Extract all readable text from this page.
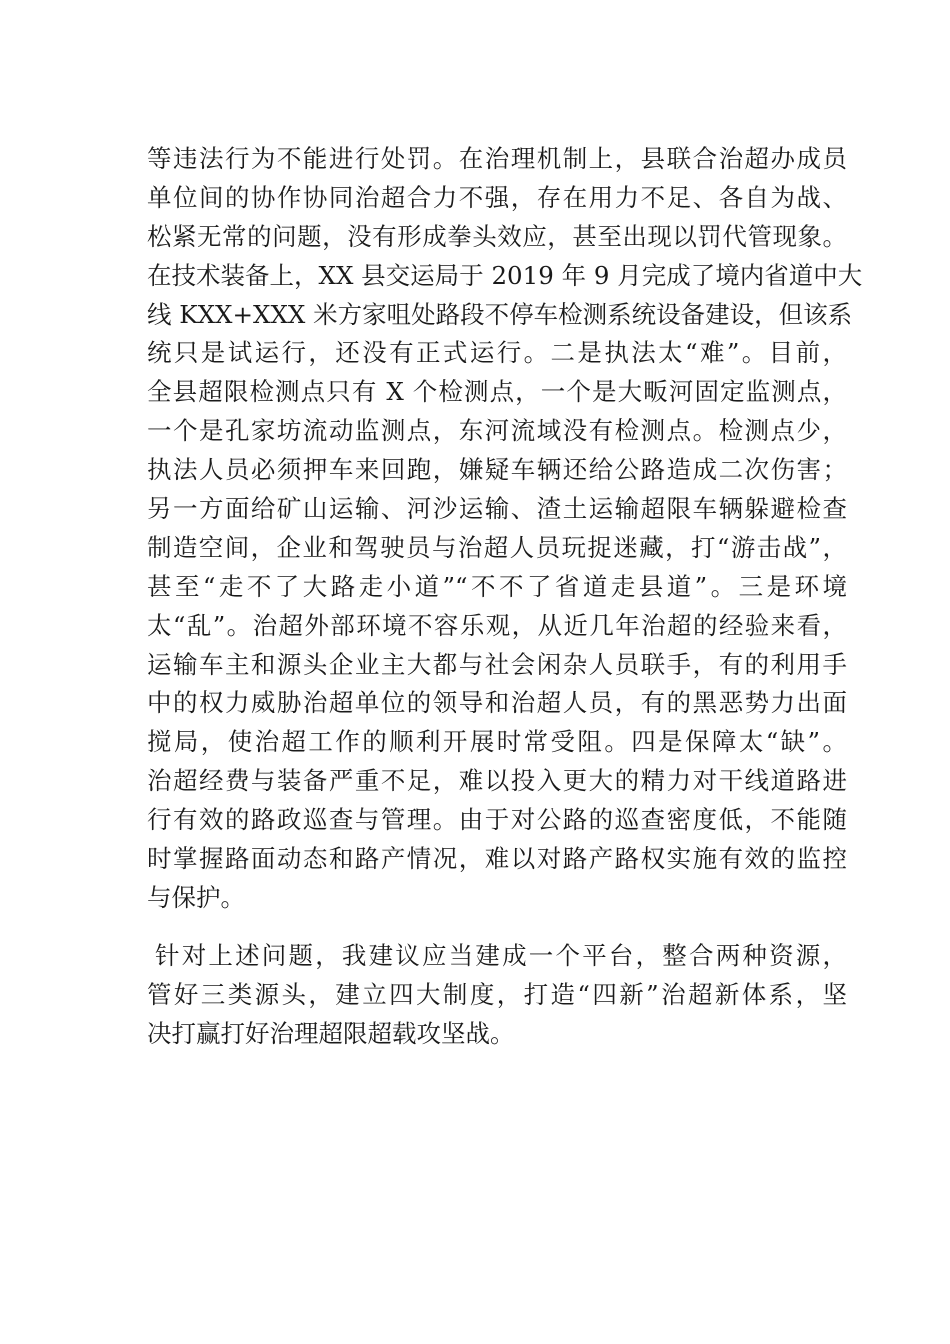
等违法行为不能进行处罚。在治理机制上，县联合治超办成员
单位间的协作协同治超合力不强，存在用力不足、各自为战、
松紧无常的问题，没有形成拳头效应，甚至出现以罚代管现象。
在技术装备上，XX 县交运局于 2019 年 9 月完成了境内省道中大
线 KXX+XXX 米方家咀处路段不停车检测系统设备建设，但该系
统只是试运行，还没有正式运行。二是执法太“难”。目前，
全县超限检测点只有 X 个检测点，一个是大畈河固定监测点，
一个是孔家坊流动监测点，东河流域没有检测点。检测点少，
执法人员必须押车来回跑，嫌疑车辆还给公路造成二次伤害；
另一方面给矿山运输、河沙运输、渣土运输超限车辆躲避检查
制造空间，企业和驾驶员与治超人员玩捉迷藏，打“游击战”，
甚至“走不了大路走小道”“不不了省道走县道”。三是环境
太“乱”。治超外部环境不容乐观，从近几年治超的经验来看，
运输车主和源头企业主大都与社会闲杂人员联手，有的利用手
中的权力威胁治超单位的领导和治超人员，有的黑恶势力出面
搅局，使治超工作的顺利开展时常受阻。四是保障太“缺”。
治超经费与装备严重不足，难以投入更大的精力对干线道路进
行有效的路政巡查与管理。由于对公路的巡查密度低，不能随
时掌握路面动态和路产情况，难以对路产路权实施有效的监控
与保护。
针对上述问题，我建议应当建成一个平台，整合两种资源，
管好三类源头，建立四大制度，打造“四新”治超新体系，坚
决打赢打好治理超限超载攻坚战。
